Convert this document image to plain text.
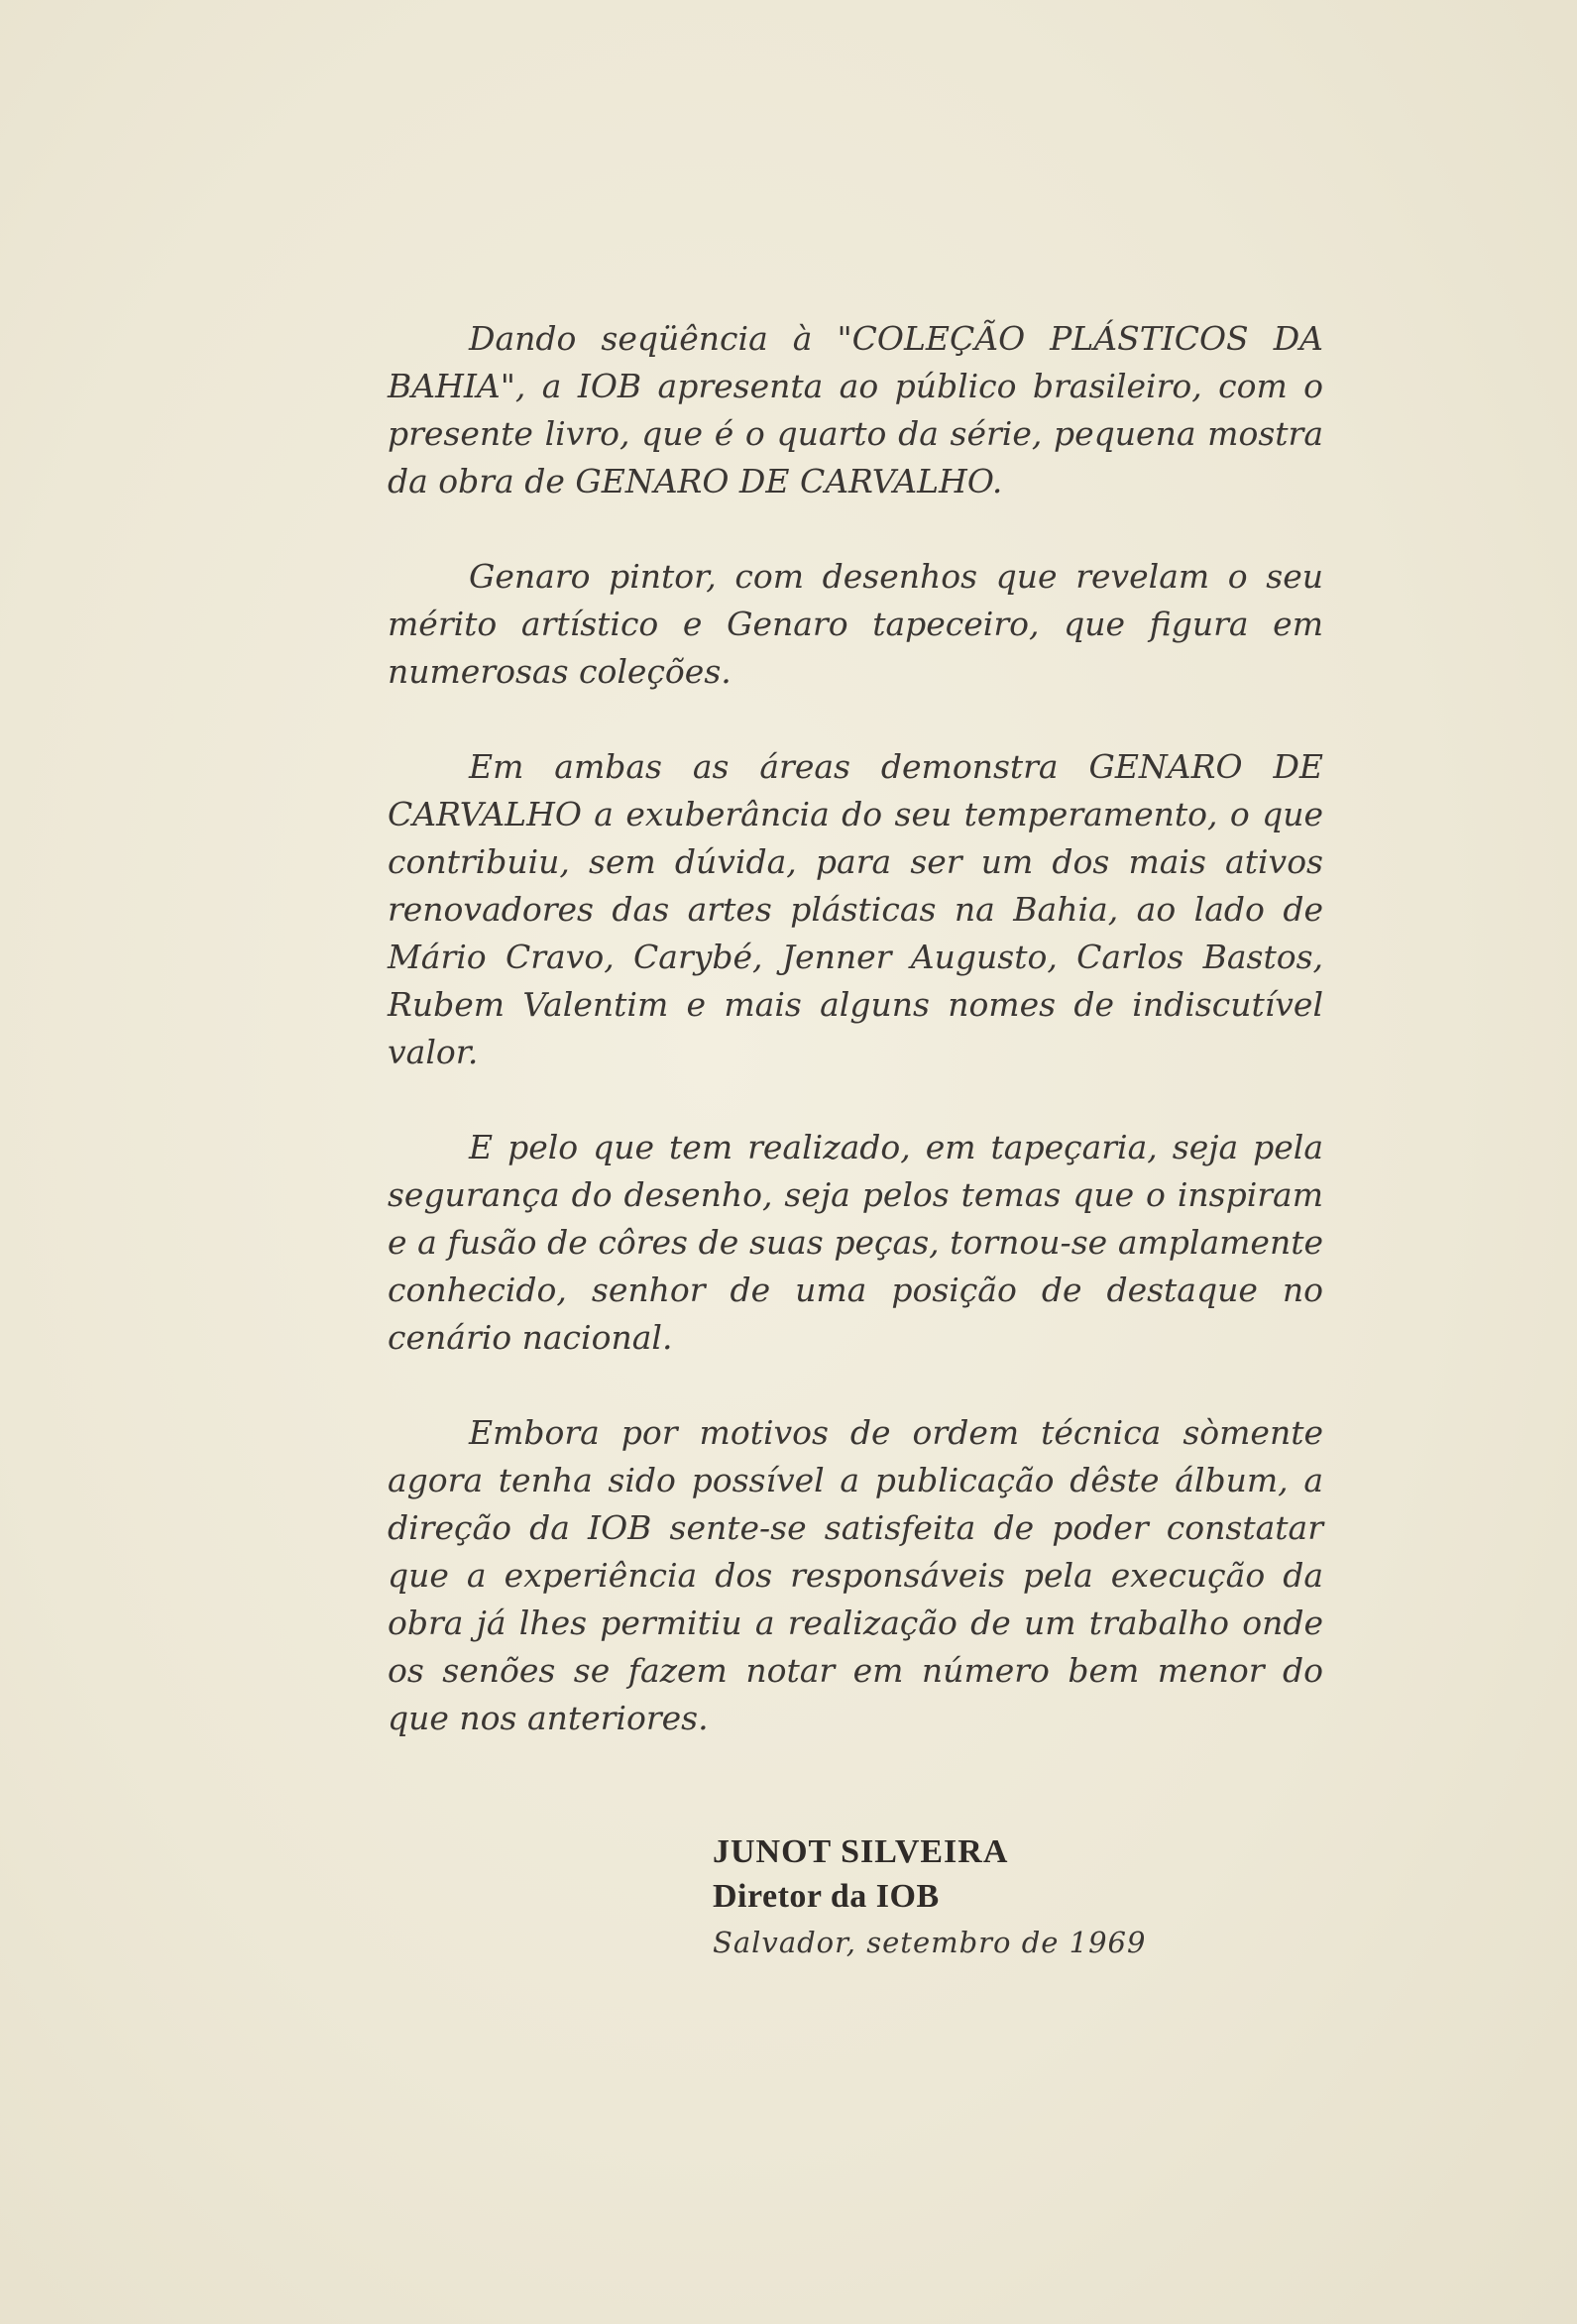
Dando seqüência à "COLEÇÃO PLÁSTICOS DA BAHIA", a IOB apresenta ao público brasileiro, com o presente livro, que é o quarto da série, pequena mostra da obra de GENARO DE CARVALHO.

Genaro pintor, com desenhos que revelam o seu mérito artístico e Genaro tapeceiro, que figura em numerosas coleções.

Em ambas as áreas demonstra GENARO DE CARVALHO a exuberância do seu temperamento, o que contribuiu, sem dúvida, para ser um dos mais ativos renovadores das artes plásticas na Bahia, ao lado de Mário Cravo, Carybé, Jenner Augusto, Carlos Bastos, Rubem Valentim e mais alguns nomes de indiscutível valor.

E pelo que tem realizado, em tapeçaria, seja pela segurança do desenho, seja pelos temas que o inspiram e a fusão de côres de suas peças, tornou-se amplamente conhecido, senhor de uma posição de destaque no cenário nacional.

Embora por motivos de ordem técnica sòmente agora tenha sido possível a publicação dêste álbum, a direção da IOB sente-se satisfeita de poder constatar que a experiência dos responsáveis pela execução da obra já lhes permitiu a realização de um trabalho onde os senões se fazem notar em número bem menor do que nos anteriores.

JUNOT SILVEIRA
Diretor da IOB
Salvador, setembro de 1969
